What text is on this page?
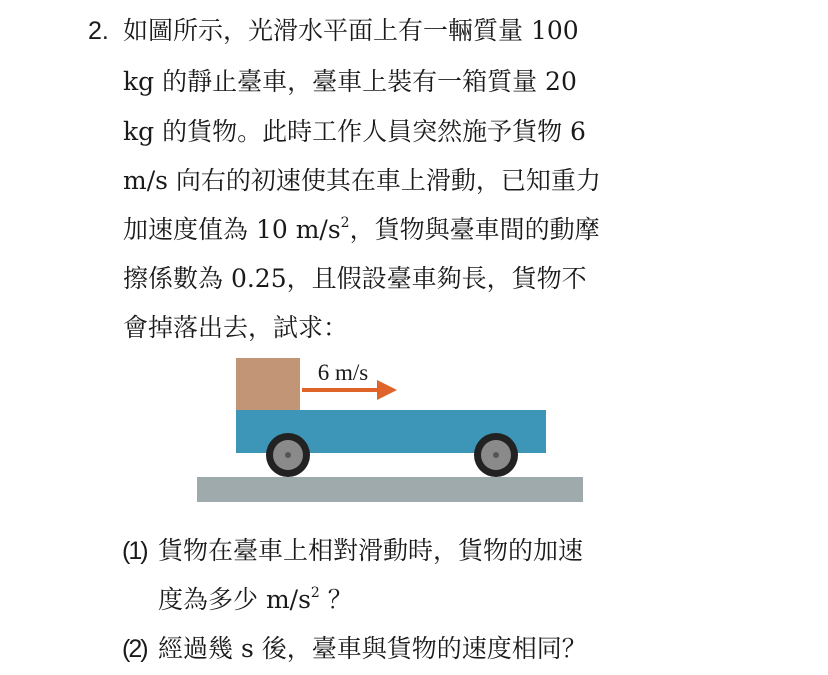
2. 如圖所示，光滑水平面上有一輛質量 100
kg 的靜止臺車，臺車上裝有一箱質量 20
kg 的貨物。此時工作人員突然施予貨物 6
m/s 向右的初速使其在車上滑動，已知重力
加速度值為 10 $m/s^2$，貨物與臺車間的動摩
擦係數為 0.25，且假設臺車夠長，貨物不
會掉落出去，試求：
6 m/s
(1) 貨物在臺車上相對滑動時，貨物的加速
度為多少 $m/s^2$ ？
(2) 經過幾 s 後，臺車與貨物的速度相同？
